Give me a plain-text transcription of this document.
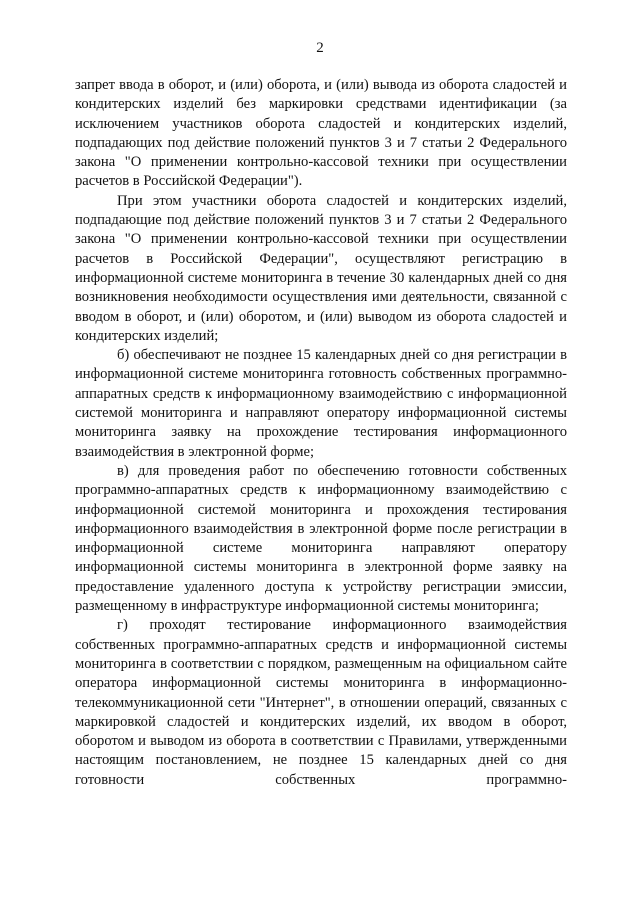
2

запрет ввода в оборот, и (или) оборота, и (или) вывода из оборота сладостей и кондитерских изделий без маркировки средствами идентификации (за исключением участников оборота сладостей и кондитерских изделий, подпадающих под действие положений пунктов 3 и 7 статьи 2 Федерального закона "О применении контрольно-кассовой техники при осуществлении расчетов в Российской Федерации").

При этом участники оборота сладостей и кондитерских изделий, подпадающие под действие положений пунктов 3 и 7 статьи 2 Федерального закона "О применении контрольно-кассовой техники при осуществлении расчетов в Российской Федерации", осуществляют регистрацию в информационной системе мониторинга в течение 30 календарных дней со дня возникновения необходимости осуществления ими деятельности, связанной с вводом в оборот, и (или) оборотом, и (или) выводом из оборота сладостей и кондитерских изделий;

б) обеспечивают не позднее 15 календарных дней со дня регистрации в информационной системе мониторинга готовность собственных программно-аппаратных средств к информационному взаимодействию с информационной системой мониторинга и направляют оператору информационной системы мониторинга заявку на прохождение тестирования информационного взаимодействия в электронной форме;

в) для проведения работ по обеспечению готовности собственных программно-аппаратных средств к информационному взаимодействию с информационной системой мониторинга и прохождения тестирования информационного взаимодействия в электронной форме после регистрации в информационной системе мониторинга направляют оператору информационной системы мониторинга в электронной форме заявку на предоставление удаленного доступа к устройству регистрации эмиссии, размещенному в инфраструктуре информационной системы мониторинга;

г) проходят тестирование информационного взаимодействия собственных программно-аппаратных средств и информационной системы мониторинга в соответствии с порядком, размещенным на официальном сайте оператора информационной системы мониторинга в информационно-телекоммуникационной сети "Интернет", в отношении операций, связанных с маркировкой сладостей и кондитерских изделий, их вводом в оборот, оборотом и выводом из оборота в соответствии с Правилами, утвержденными настоящим постановлением, не позднее 15 календарных дней со дня готовности собственных программно-
